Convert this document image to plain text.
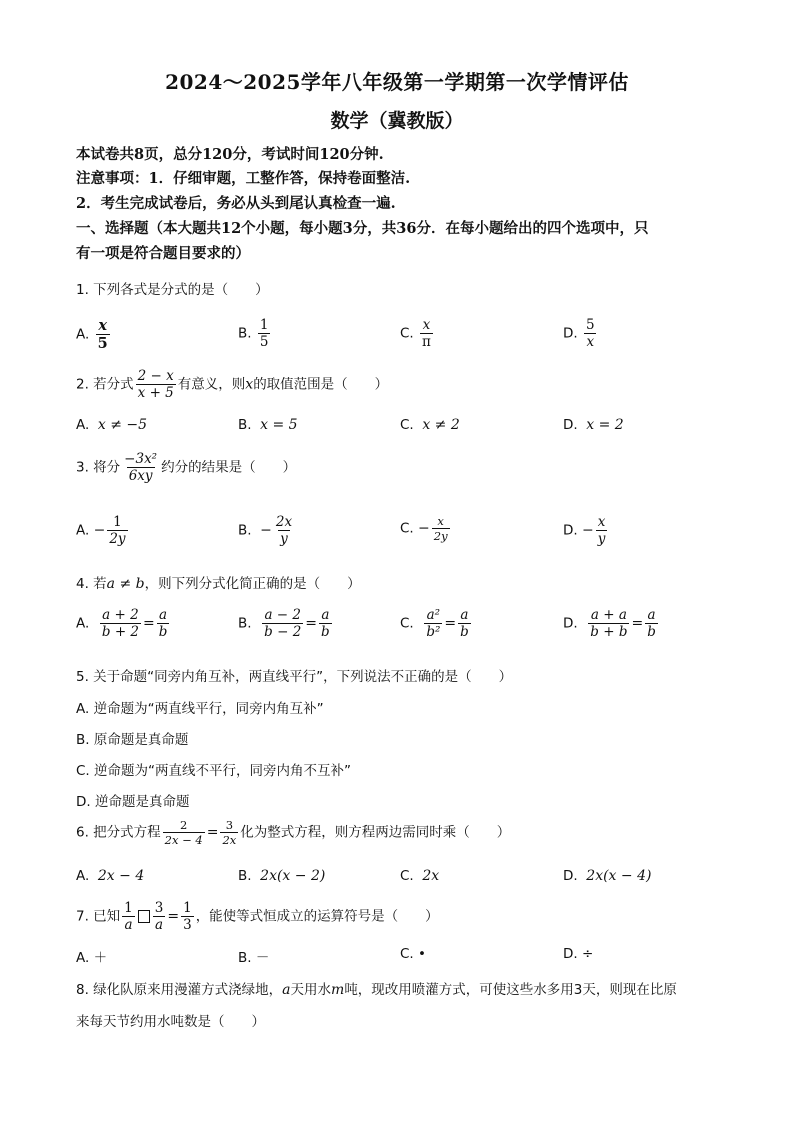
2024～2025学年八年级第一学期第一次学情评估
数学（冀教版）
本试卷共8页，总分120分，考试时间120分钟.
注意事项：1．仔细审题，工整作答，保持卷面整洁.
2．考生完成试卷后，务必从头到尾认真检查一遍.
一、选择题（本大题共12个小题，每小题3分，共36分．在每小题给出的四个选项中，只
有一项是符合题目要求的）
1. 下列各式是分式的是（　　）
A. $\frac{x}{5}$	B. $\frac{1}{5}$	C. $\frac{x}{\pi}$	D. $\frac{5}{x}$
2. 若分式 $\frac{2 - x}{x + 5}$ 有意义，则x的取值范围是（　　）
A. x ≠ −5	B. x = 5	C. x ≠ 2	D. x = 2
3. 将分 $\frac{\text{−3x²}}{6xy}$ 约分的结果是（　　）
A. − $\frac{1}{2y}$	B. − $\frac{2x}{y}$	C. − $\frac{x}{2y}$	D. − $\frac{x}{y}$
4. 若a ≠ b，则下列分式化简正确的是（　　）
A. $\frac{a + 2}{b + 2} = \frac{a}{b}$	B. $\frac{a - 2}{b - 2} = \frac{a}{b}$	C. $\frac{\text{a²}}{\text{b²}} = \frac{a}{b}$	D. $\frac{a + a}{b + b} = \frac{a}{b}$
5. 关于命题“同旁内角互补，两直线平行”，下列说法不正确的是（　　）
A. 逆命题为“两直线平行，同旁内角互补”
B. 原命题是真命题
C. 逆命题为“两直线不平行，同旁内角不互补”
D. 逆命题是真命题
6. 把分式方程 $\frac{2}{2x - 4} = \frac{3}{2x}$ 化为整式方程，则方程两边需同时乘（　　）
A. 2x − 4	B. 2x(x − 2)	C. 2x	D. 2x(x − 4)
7. 已知 $\frac{1}{a} \frac{3}{a} = \frac{1}{3}$ ，能使等式恒成立的运算符号是（　　）
A. ＋	B. －	C. •	D. ÷
8. 绿化队原来用漫灌方式浇绿地，a天用水m吨，现改用喷灌方式，可使这些水多用3天，则现在比原
来每天节约用水吨数是（　　）
